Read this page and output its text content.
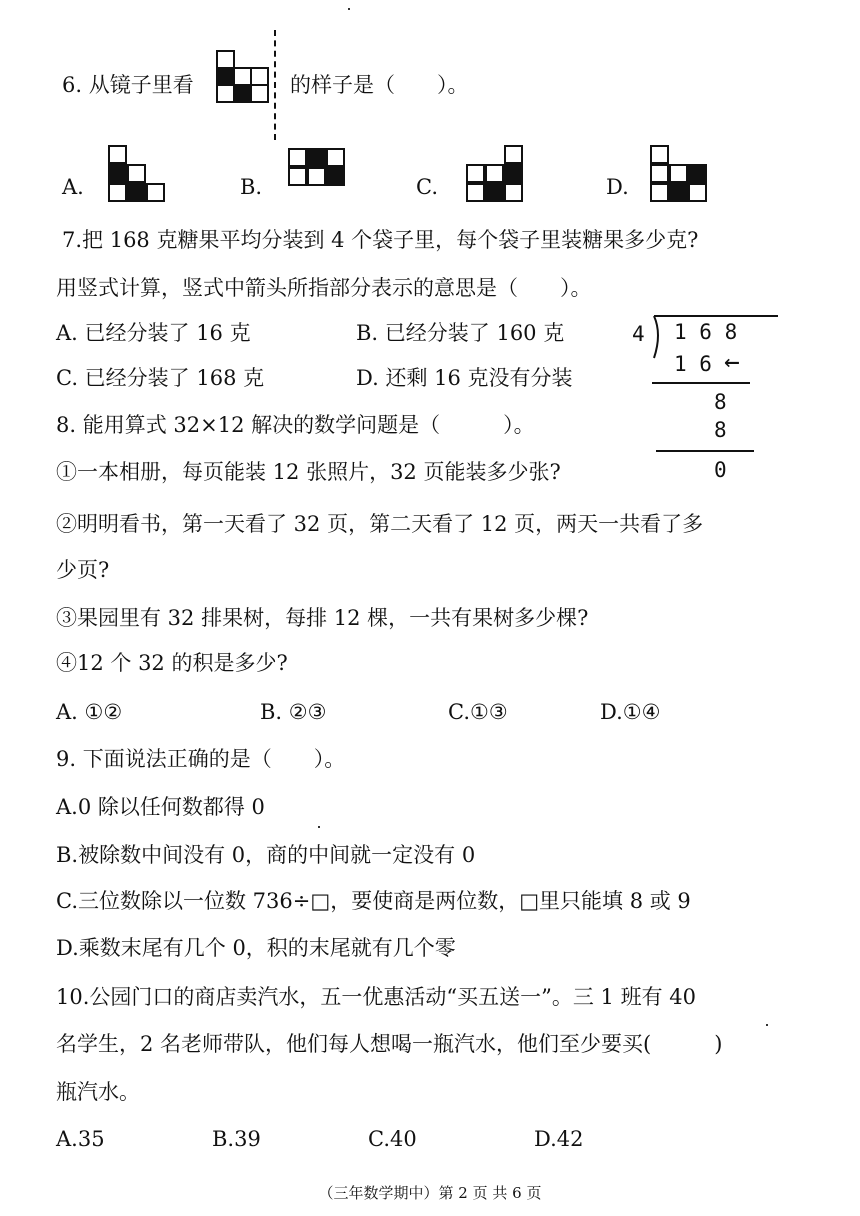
6. 从镜子里看	的样子是（　　）。
A.	B.	C.	D.
7.把 168 克糖果平均分装到 4 个袋子里，每个袋子里装糖果多少克?
用竖式计算，竖式中箭头所指部分表示的意思是（　　）。
A. 已经分装了 16 克	B. 已经分装了 160 克
C. 已经分装了 168 克	D. 还剩 16 克没有分装
4 1 6 8
1 6 ←
8
8
0
8. 能用算式 32×12 解决的数学问题是（　　　）。
①一本相册，每页能装 12 张照片，32 页能装多少张?
②明明看书，第一天看了 32 页，第二天看了 12 页，两天一共看了多
少页?
③果园里有 32 排果树，每排 12 棵，一共有果树多少棵?
④12 个 32 的积是多少?
A. ①②	B. ②③	C.①③	D.①④
9. 下面说法正确的是（　　）。
A.0 除以任何数都得 0
B.被除数中间没有 0，商的中间就一定没有 0
C.三位数除以一位数 736÷□，要使商是两位数，□里只能填 8 或 9
D.乘数末尾有几个 0，积的末尾就有几个零
10.公园门口的商店卖汽水，五一优惠活动“买五送一”。三 1 班有 40
名学生，2 名老师带队，他们每人想喝一瓶汽水，他们至少要买(　　　)
瓶汽水。
A.35	B.39	C.40	D.42
（三年数学期中）第 2 页 共 6 页
